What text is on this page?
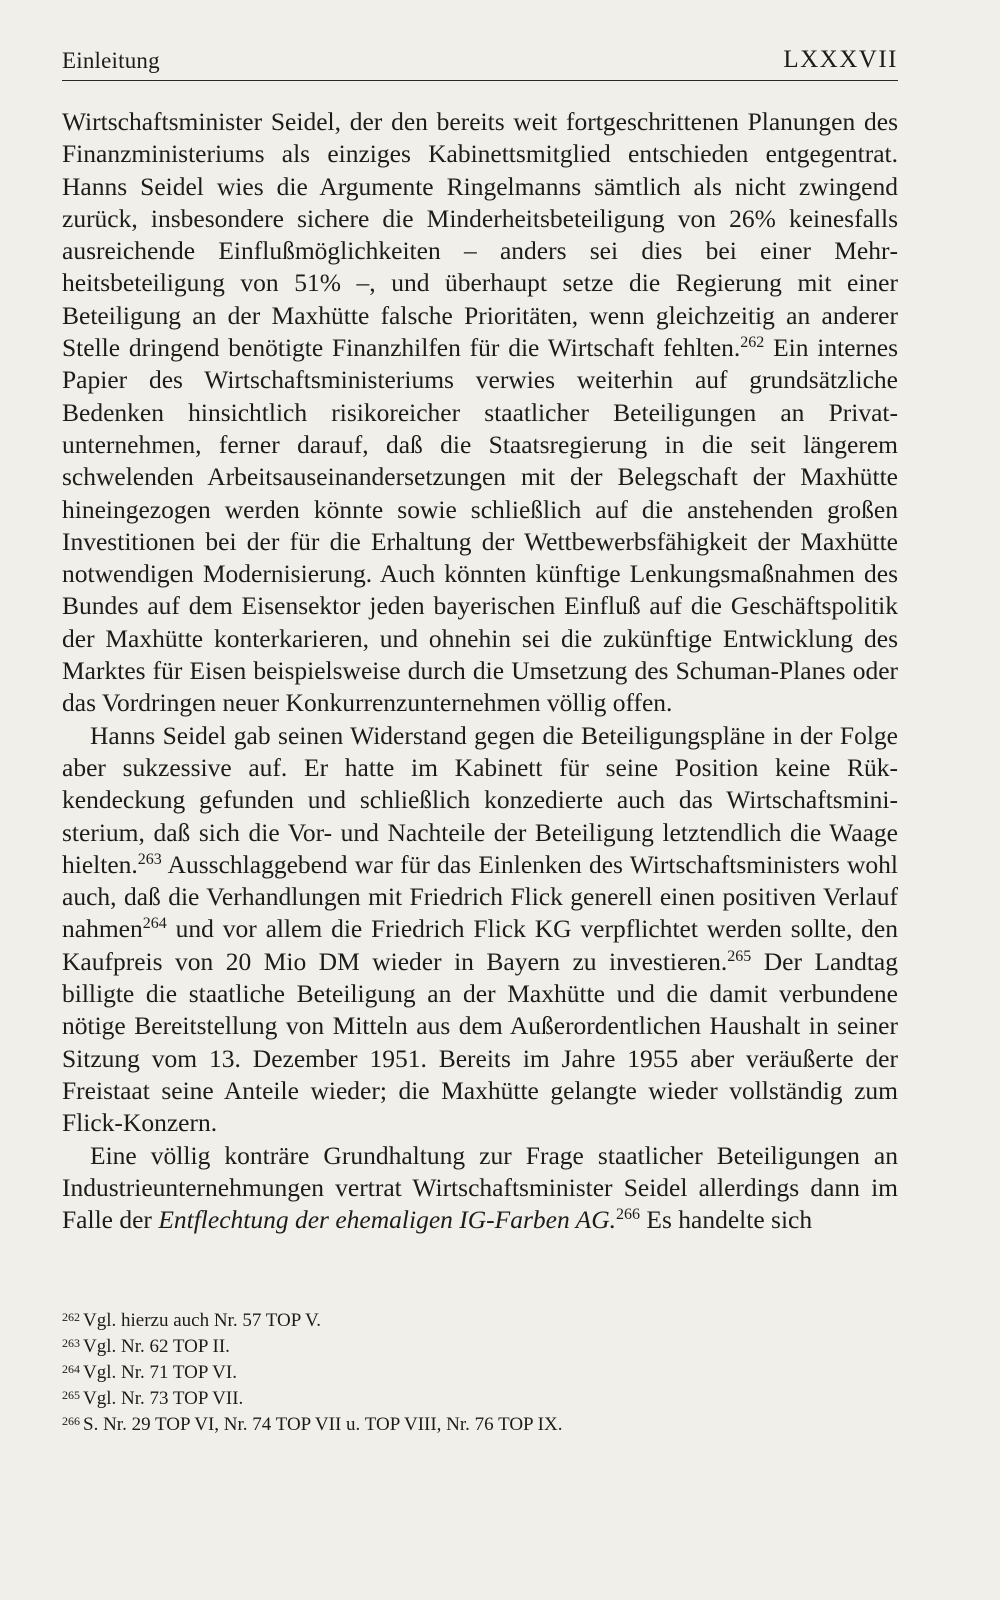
Einleitung	LXXXVII

Wirtschaftsminister Seidel, der den bereits weit fortgeschrittenen Planungen des Finanzministeriums als einziges Kabinettsmitglied entschieden entgegentrat. Hanns Seidel wies die Argumente Ringelmanns sämtlich als nicht zwingend zurück, insbesondere sichere die Minderheitsbeteiligung von 26% keinesfalls ausreichende Einflußmöglichkeiten – anders sei dies bei einer Mehrheitsbeteiligung von 51% –, und überhaupt setze die Regierung mit einer Beteiligung an der Maxhütte falsche Prioritäten, wenn gleichzeitig an anderer Stelle dringend benötigte Finanzhilfen für die Wirtschaft fehlten.$^{262}$ Ein internes Papier des Wirtschaftsministeriums verwies weiterhin auf grundsätzliche Bedenken hinsichtlich risikoreicher staatlicher Beteiligungen an Privatunternehmen, ferner darauf, daß die Staatsregierung in die seit längerem schwelenden Arbeitsauseinandersetzungen mit der Belegschaft der Maxhütte hineingezogen werden könnte sowie schließlich auf die anstehenden großen Investitionen bei der für die Erhaltung der Wettbewerbsfähigkeit der Maxhütte notwendigen Modernisierung. Auch könnten künftige Lenkungsmaßnahmen des Bundes auf dem Eisensektor jeden bayerischen Einfluß auf die Geschäftspolitik der Maxhütte konterkarieren, und ohnehin sei die zukünftige Entwicklung des Marktes für Eisen beispielsweise durch die Umsetzung des Schuman-Planes oder das Vordringen neuer Konkurrenzunternehmen völlig offen.

Hanns Seidel gab seinen Widerstand gegen die Beteiligungspläne in der Folge aber sukzessive auf. Er hatte im Kabinett für seine Position keine Rükkendeckung gefunden und schließlich konzedierte auch das Wirtschaftsministerium, daß sich die Vor- und Nachteile der Beteiligung letztendlich die Waage hielten.$^{263}$ Ausschlaggebend war für das Einlenken des Wirtschaftsministers wohl auch, daß die Verhandlungen mit Friedrich Flick generell einen positiven Verlauf nahmen$^{264}$ und vor allem die Friedrich Flick KG verpflichtet werden sollte, den Kaufpreis von 20 Mio DM wieder in Bayern zu investieren.$^{265}$ Der Landtag billigte die staatliche Beteiligung an der Maxhütte und die damit verbundene nötige Bereitstellung von Mitteln aus dem Außerordentlichen Haushalt in seiner Sitzung vom 13. Dezember 1951. Bereits im Jahre 1955 aber veräußerte der Freistaat seine Anteile wieder; die Maxhütte gelangte wieder vollständig zum Flick-Konzern.

Eine völlig konträre Grundhaltung zur Frage staatlicher Beteiligungen an Industrieunternehmungen vertrat Wirtschaftsminister Seidel allerdings dann im Falle der Entflechtung der ehemaligen IG-Farben AG.$^{266}$ Es handelte sich

$^{262}$ Vgl. hierzu auch Nr. 57 TOP V.

$^{263}$ Vgl. Nr. 62 TOP II.

$^{264}$ Vgl. Nr. 71 TOP VI.

$^{265}$ Vgl. Nr. 73 TOP VII.

$^{266}$ S. Nr. 29 TOP VI, Nr. 74 TOP VII u. TOP VIII, Nr. 76 TOP IX.
